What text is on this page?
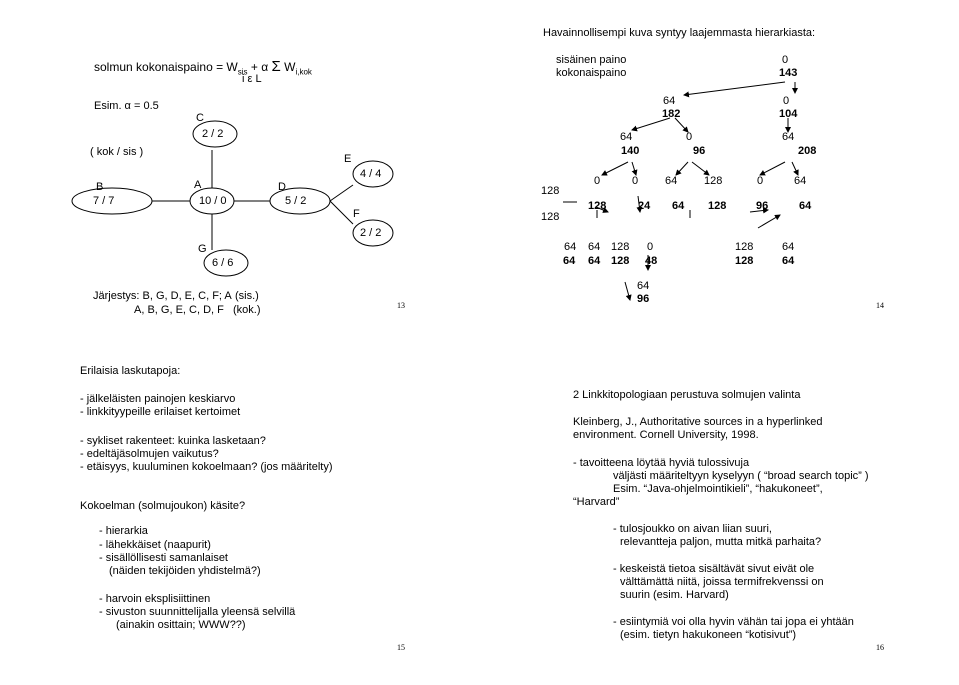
solmun kokonaispaino = $W_{sis} + \alpha$ Σ $W_{i,kok}$
i ε L
Esim. α = 0.5
( kok / sis )
B	A
C
D
E
F
G
7 / 7	10 / 0
2 / 2
5 / 2
4 / 4
2 / 2
6 / 6
Järjestys: B, G, D, E, C, F; A (sis.)
A, B, G, E, C, D, F (kok.)	13
Havainnollisempi kuva syntyy laajemmasta hierarkiasta:
sisäinen paino
kokonaispaino
0
143
64
182
0
104
64
140
0
96
64
208
128
128
0
128
0
24
64
64
128
128
0
96
64
64
64
64
64
64
128
128
0
48
128
128
64
64
64
96
14
Erilaisia laskutapoja:
- jälkeläisten painojen keskiarvo
- linkkityypeille erilaiset kertoimet
- sykliset rakenteet: kuinka lasketaan?
- edeltäjäsolmujen vaikutus?
- etäisyys, kuuluminen kokoelmaan? (jos määritelty)
Kokoelman (solmujoukon) käsite?
- hierarkia
- lähekkäiset (naapurit)
- sisällöllisesti samanlaiset
(näiden tekijöiden yhdistelmä?)
- harvoin eksplisiittinen
- sivuston suunnittelijalla yleensä selvillä
(ainakin osittain; WWW??)
15
2 Linkkitopologiaan perustuva solmujen valinta
Kleinberg, J., Authoritative sources in a hyperlinked
environment. Cornell University, 1998.
- tavoitteena löytää hyviä tulossivuja
väljästi määriteltyyn kyselyyn ( “broad search topic” )
Esim. “Java-ohjelmointikieli”, “hakukoneet”,
“Harvard”
- tulosjoukko on aivan liian suuri,
relevantteja paljon, mutta mitkä parhaita?
- keskeistä tietoa sisältävät sivut eivät ole
välttämättä niitä, joissa termifrekvenssi on
suurin (esim. Harvard)
- esiintymiä voi olla hyvin vähän tai jopa ei yhtään
(esim. tietyn hakukoneen “kotisivut”)
16
